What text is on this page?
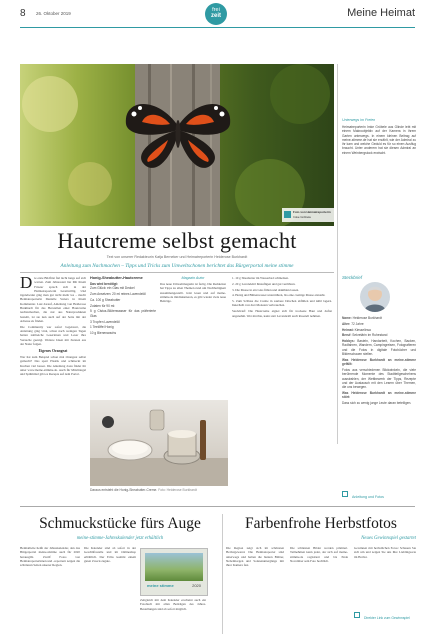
8 26. Oktober 2019
frei
zeit	Meine Heimat
Foto von Heimatreporterin
Imke Gröbele
Unterwegs im Freien
Heimatreporterin Imke Gröbele aus Glinde lebt mit einem Makroobjektiv auf der Kamera in ihrem Garten unterwegs. In einem kleinen Beitrag auf meine-stimme.de hat sie erzählt, wie der Admiral zu ihr kam und welche Geduld es für so einen Ausflug braucht. Unter anderem hat sie diesen Admiral an einem Weinbergstock erwischt.
Hautcreme selbst gemacht
Text von unserer Redakteurin Katja Berneker und Heimatreporterin Heiderose Burkhardt
Anleitung zum Nachmachen – Tipps und Tricks zum Umweltschonen berichtet das Bürgerportal meine stimme
Steckbrief

Name: Heiderose Burkhardt

Alter: 72 Jahre

Heimat: Kiesselinsa

Beruf: Sekretärin im Ruhestand

Hobbys: Basteln, Handarbeit, Kochen, Backen, Radfahren, Wandern, Campingreisen, Fotografieren und die Fotos in digitale Fotobücher und Bilderschauen stellen.

Was Heiderose Burkhardt an meine-stimme gefällt:

Fotos aus verschiedenen Blickwinkeln, die viele berührende Momente des Stadtteilgeschehens ausstrahlen, der Wettbewerb der Tipps, Rezepte und der Austausch mit den Lesern über Themen, die uns bewegen.

Was Heiderose Burkhardt an meine-stimme stört:

Dass sich zu wenig junge Leute daran beteiligen.

Die erste Bildfrist fiel nicht lange auf sich warten. Zum Jahresstart hat Mit ihrem Friseur sprach sich in der Heimatreporterin bereitwillig. Und irgendwann ging man gut nicht mehr los – macht Heimatreporterin Danielle Swiers in ihrem Kommentar. Lust darauf, Anleitung von Heiderose Burkhardt für das Herstellen einer Hautcreme nachzumachen, die nur aus Naturprodukten besteht, ist sie nun auch auf der Seite mit der Adresse zu finden.

Die Community war sofort begeistert, die Anleitung ging viral, schon nach wenigen Tagen hatten zahlreiche Leserinnen und Leser ihre Versuche gezeigt. Weitere Ideen mit Zutaten aus der Natur folgen.

Eigenes Orangeat

Wer hat zum Beispiel schon mal Orangeat selbst gemacht? Das spart Plastik und schmeckt im Kuchen viel besser. Die Anleitung dazu findet ihr unter www.meine-stimme.de. Auch für Müsliriegel und Spülmittel gibt es Rezepte auf dem Portal.

Honig-Sheabutter-Hautcreme
Das wird benötigt:

Zum Glück: ein Glas mit Deckel

Zum Ansetzen: 20 ml reines Lavendelöl

Ca. 100 g Sheabutter

Zutaten für 90 ml:

5 g Cistus-Blütenwasser für das präferierte Glas

3 Tropfen Lavendelöl

1 Teelöffel Honig

10 g Bienenwachs

Magazin Autor
Das neue Umweltmagazin ist fertig. Die Redaktion hat Tipps zu allen Themen rund um Nachhaltigkeit zusammengestellt. Jetzt lesen und auf meine-stimme.de mitdiskutieren, es gibt wieder viele neue Beiträge.

1. 10 g Sheabutter im Wasserbad schmelzen.

2. 20 g Lavendelöl hinzufügen und gut verrühren.

3. Die Masse in ein Glas füllen und abkühlen lassen.

4. Honig und Blütenwasser unterrühren, bis eine cremige Masse entsteht.

5. Zum Schluss die Creme in saubere Döschen abfüllen und kühl lagern. Innerhalb von drei Monaten verbrauchen.

Steckbrief: Die Hautcreme eignet sich für trockene Haut und duftet angenehm. Wer möchte, kann statt Lavendelöl auch Rosenöl nehmen.

Daraus entsteht die Honig-Sheabutter-Creme. Foto: Heiderose Burkhardt
Anleitung und Fotos
Schmuckstücke fürs Auge
meine-stimme-Jahreskalender jetzt erhältlich
Heimatliebe heißt der Jahreskalender, den das Bürgerportal meine-stimme auch für 2020 herausgibt. Zwölf Fotos von Heimatreporterinnen und -reportern zeigen die schönsten Seiten unserer Region.
Die Kalender sind ab sofort in der Geschäftsstelle und im Onlineshop erhältlich. Der Erlös kommt einem guten Zweck zugute.
meine stimme	2020
Zeitgleich mit dem Kalender erscheint auch ein Fotobuch mit allen Beiträgen des Jahres. Bestellungen sind ab sofort möglich.
Farbenfrohe Herbstfotos
Neues Gewinnspiel gestartet
Die Region zeigt sich im schönsten Herbstgewand. Die Heimatreporter sind unterwegs und halten die bunten Blätter, Nebelmorgen und Sonnenuntergänge mit ihrer Kamera fest.
Die schönsten Bilder werden prämiert. Teilnehmen kann jeder, der sich auf meine-stimme.de registriert und bis Ende November sein Foto hochlädt.
Gewinnen mit herbstlichen Fotos: Schauen Sie sich um und zeigen Sie uns Ihre Lieblingsorte im Herbst.
Direkter Link zum Gewinnspiel
